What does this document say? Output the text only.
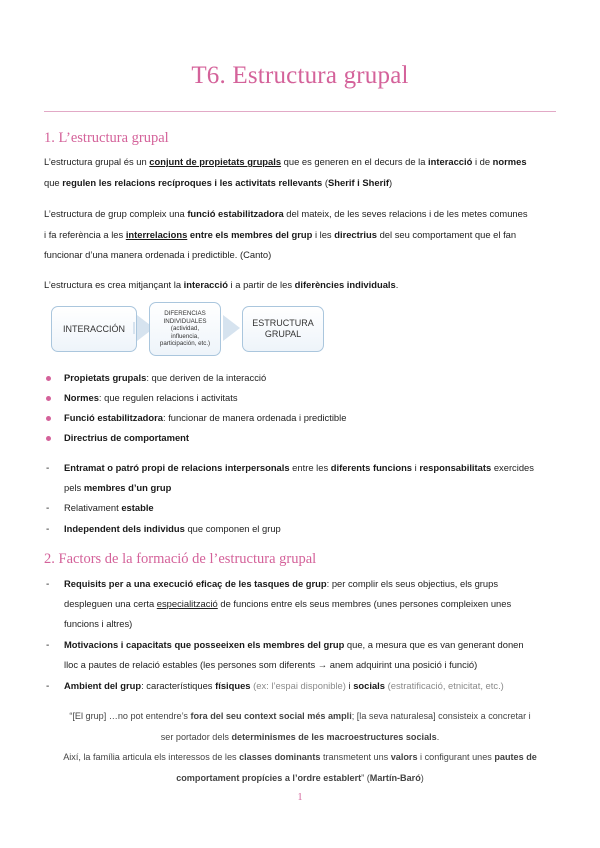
T6. Estructura grupal
1. L’estructura grupal
L’estructura grupal és un conjunt de propietats grupals que es generen en el decurs de la interacció i de normes
que regulen les relacions recíproques i les activitats rellevants (Sherif i Sherif)
L’estructura de grup compleix una funció estabilitzadora del mateix, de les seves relacions i de les metes comunes
i fa referència a les interrelacions entre els membres del grup i les directrius del seu comportament que el fan
funcionar d’una manera ordenada i predictible. (Canto)
L’estructura es crea mitjançant la interacció i a partir de les diferències individuals.
INTERACCIÓN
DIFERENCIAS INDIVIDUALES
(actividad,
influencia,
participación, etc.)
ESTRUCTURA
GRUPAL
Propietats grupals: que deriven de la interacció
Normes: que regulen relacions i activitats
Funció estabilitzadora: funcionar de manera ordenada i predictible
Directrius de comportament
- Entramat o patró propi de relacions interpersonals entre les diferents funcions i responsabilitats exercides
pels membres d’un grup
- Relativament estable
- Independent dels individus que componen el grup
2. Factors de la formació de l’estructura grupal
- Requisits per a una execució eficaç de les tasques de grup: per complir els seus objectius, els grups
despleguen una certa especialització de funcions entre els seus membres (unes persones compleixen unes
funcions i altres)
- Motivacions i capacitats que posseeixen els membres del grup que, a mesura que es van generant donen
lloc a pautes de relació estables (les persones som diferents → anem adquirint una posició i funció)
- Ambient del grup: característiques físiques (ex: l’espai disponible) i socials (estratificació, etnicitat, etc.)
“[El grup] …no pot entendre’s fora del seu context social més ampli; [la seva naturalesa] consisteix a concretar i
ser portador dels determinismes de les macroestructures socials.
Així, la família articula els interessos de les classes dominants transmetent uns valors i configurant unes pautes de
comportament propícies a l’ordre establert” (Martín-Baró)
1
